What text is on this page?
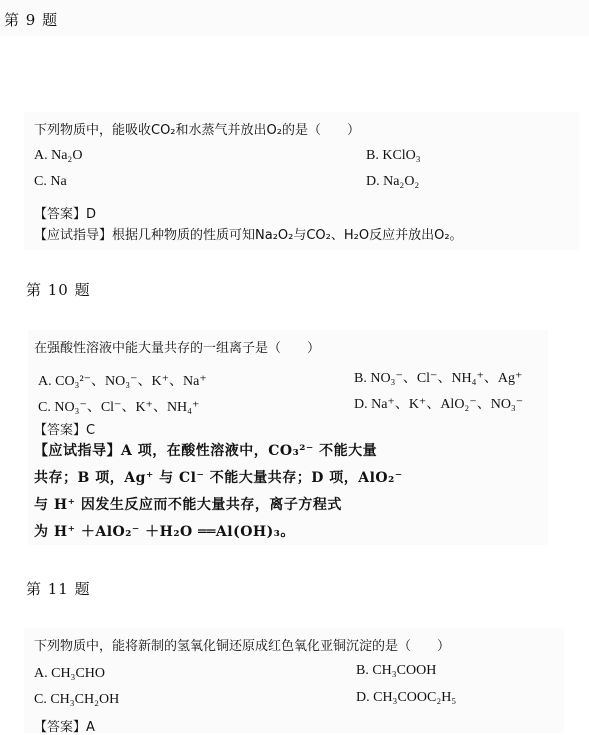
第 9 题
下列物质中，能吸收CO₂和水蒸气并放出O₂的是（　　）
A. Na₂O	B. KClO₃
C. Na	D. Na₂O₂
【答案】D
【应试指导】根据几种物质的性质可知Na₂O₂与CO₂、H₂O反应并放出O₂。
第 10 题
在强酸性溶液中能大量共存的一组离子是（　　）
A. CO₃²⁻、NO₃⁻、K⁺、Na⁺	B. NO₃⁻、Cl⁻、NH₄⁺、Ag⁺
C. NO₃⁻、Cl⁻、K⁺、NH₄⁺	D. Na⁺、K⁺、AlO₂⁻、NO₃⁻
【答案】C
【应试指导】A 项，在酸性溶液中，CO₃²⁻ 不能大量
共存；B 项，Ag⁺ 与 Cl⁻ 不能大量共存；D 项，AlO₂⁻
与 H⁺ 因发生反应而不能大量共存，离子方程式
为 H⁺ ＋AlO₂⁻ ＋H₂O ══Al(OH)₃。
第 11 题
下列物质中，能将新制的氢氧化铜还原成红色氧化亚铜沉淀的是（　　）
A. CH₃CHO	B. CH₃COOH
C. CH₃CH₂OH	D. CH₃COOC₂H₅
【答案】A
